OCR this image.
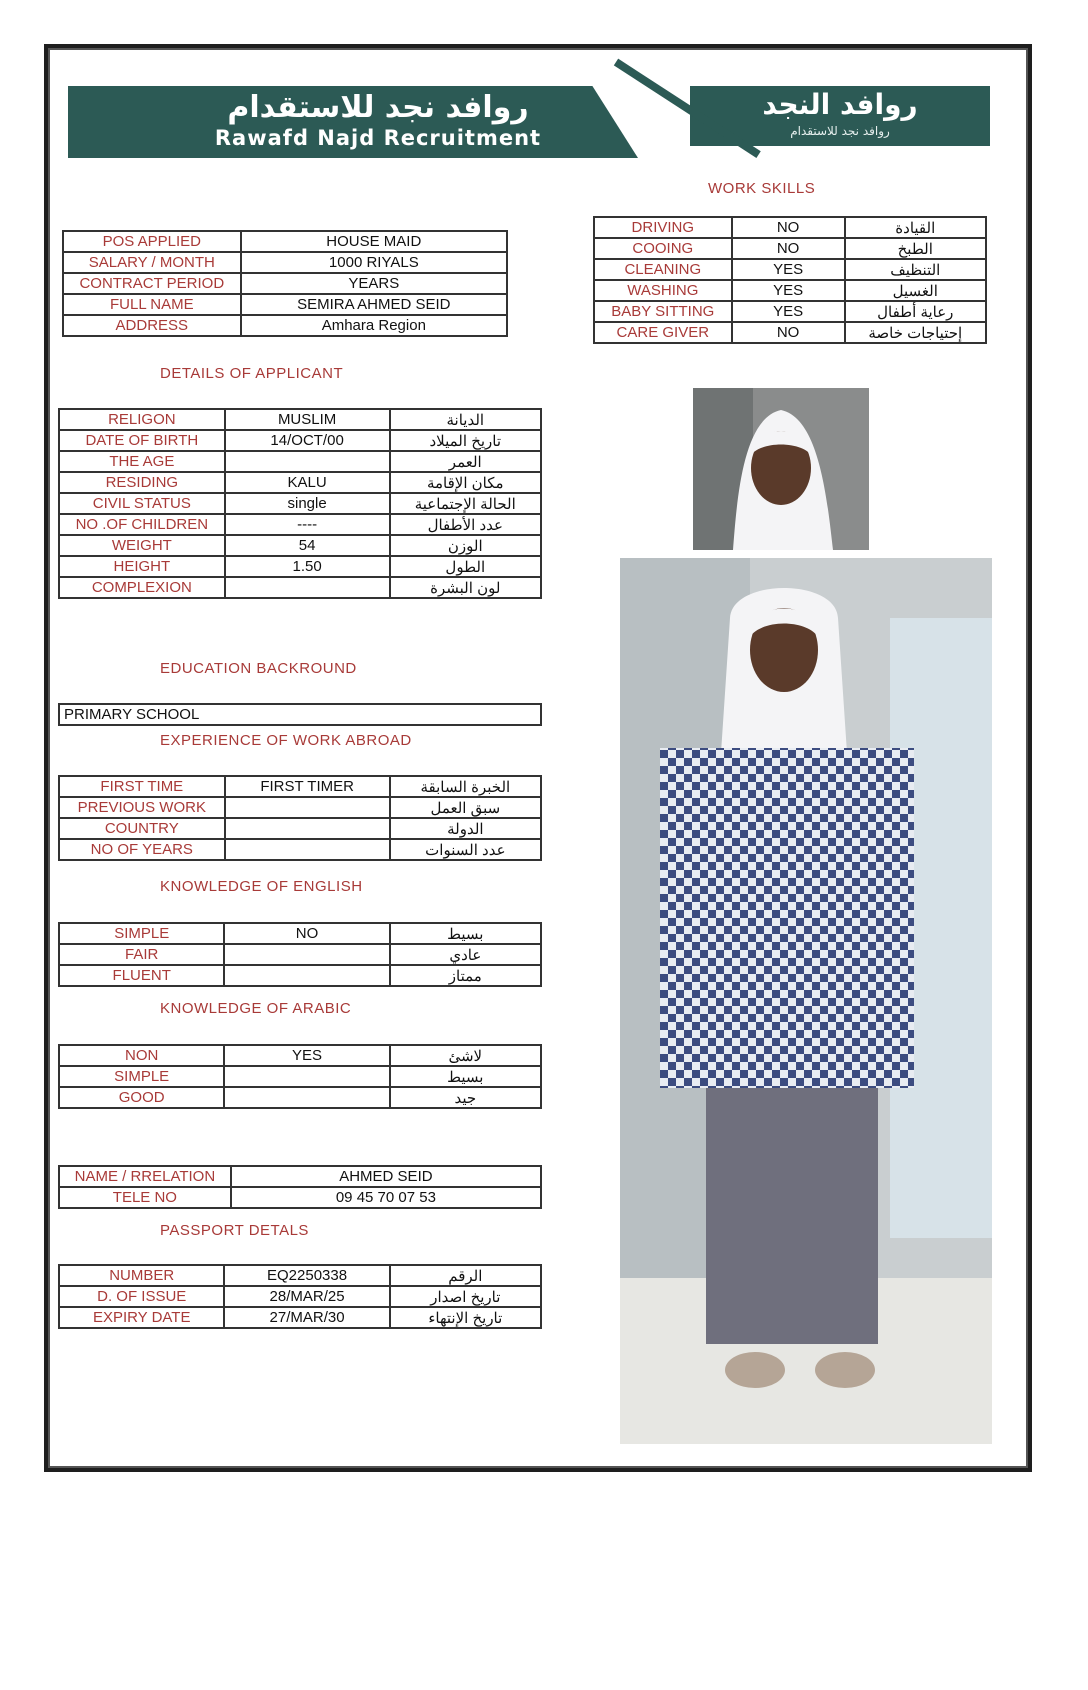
روافد نجد للاستقدام
Rawafd Najd Recruitment
روافد النجد
روافد نجد للاستقدام
WORK SKILLS
DRIVING	NO	القيادة
COOING	NO	الطبخ
CLEANING	YES	التنظيف
WASHING	YES	الغسيل
BABY SITTING	YES	رعاية أطفال
CARE GIVER	NO	إحتياجات خاصة
POS APPLIED	HOUSE MAID
SALARY / MONTH	1000 RIYALS
CONTRACT PERIOD	YEARS
FULL NAME	SEMIRA AHMED SEID
ADDRESS	Amhara Region
DETAILS OF APPLICANT
RELIGON	MUSLIM	الديانة
DATE OF BIRTH	14/OCT/00	تاريخ الميلاد
THE AGE		العمر
RESIDING	KALU	مكان الإقامة
CIVIL STATUS	single	الحالة الإجتماعية
NO .OF CHILDREN	----	عدد الأطفال
WEIGHT	54	الوزن
HEIGHT	1.50	الطول
COMPLEXION		لون البشرة
EDUCATION BACKROUND
PRIMARY SCHOOL
EXPERIENCE OF WORK ABROAD
FIRST TIME	FIRST TIMER	الخبرة السابقة
PREVIOUS WORK		سبق العمل
COUNTRY		الدولة
NO OF YEARS		عدد السنوات
KNOWLEDGE OF ENGLISH
SIMPLE	NO	بسيط
FAIR		عادي
FLUENT		ممتاز
KNOWLEDGE OF ARABIC
NON	YES	لاشئ
SIMPLE		بسيط
GOOD		جيد
NAME / RRELATION	AHMED SEID
TELE NO	09 45 70 07 53
PASSPORT DETALS
NUMBER	EQ2250338	الرقم
D. OF ISSUE	28/MAR/25	تاريخ اصدار
EXPIRY DATE	27/MAR/30	تاريخ الإنتهاء
